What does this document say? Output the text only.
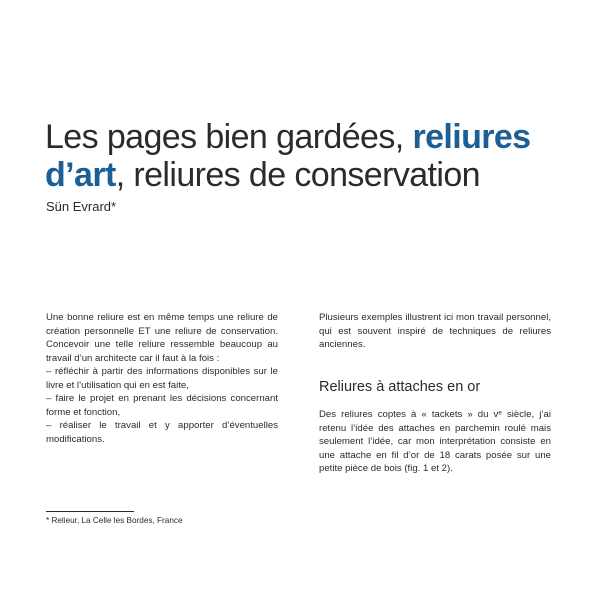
Les pages bien gardées, reliures d’art, reliures de conservation

Sün Evrard*

Une bonne reliure est en même temps une reliure de création personnelle ET une reliure de conservation. Concevoir une telle reliure ressemble beaucoup au travail d’un architecte car il faut à la fois :

– réfléchir à partir des informations disponibles sur le livre et l’utilisation qui en est faite,
– faire le projet en prenant les décisions concernant forme et fonction,
– réaliser le travail et y apporter d’éventuelles modifications.

Plusieurs exemples illustrent ici mon travail personnel, qui est souvent inspiré de techniques de reliures anciennes.

Reliures à attaches en or

Des reliures coptes à « tackets » du vᵉ siècle, j’ai retenu l’idée des attaches en parchemin roulé mais seulement l’idée, car mon interprétation consiste en une attache en fil d’or de 18 carats posée sur une petite pièce de bois (fig. 1 et 2).

* Relieur, La Celle les Bordes, France
